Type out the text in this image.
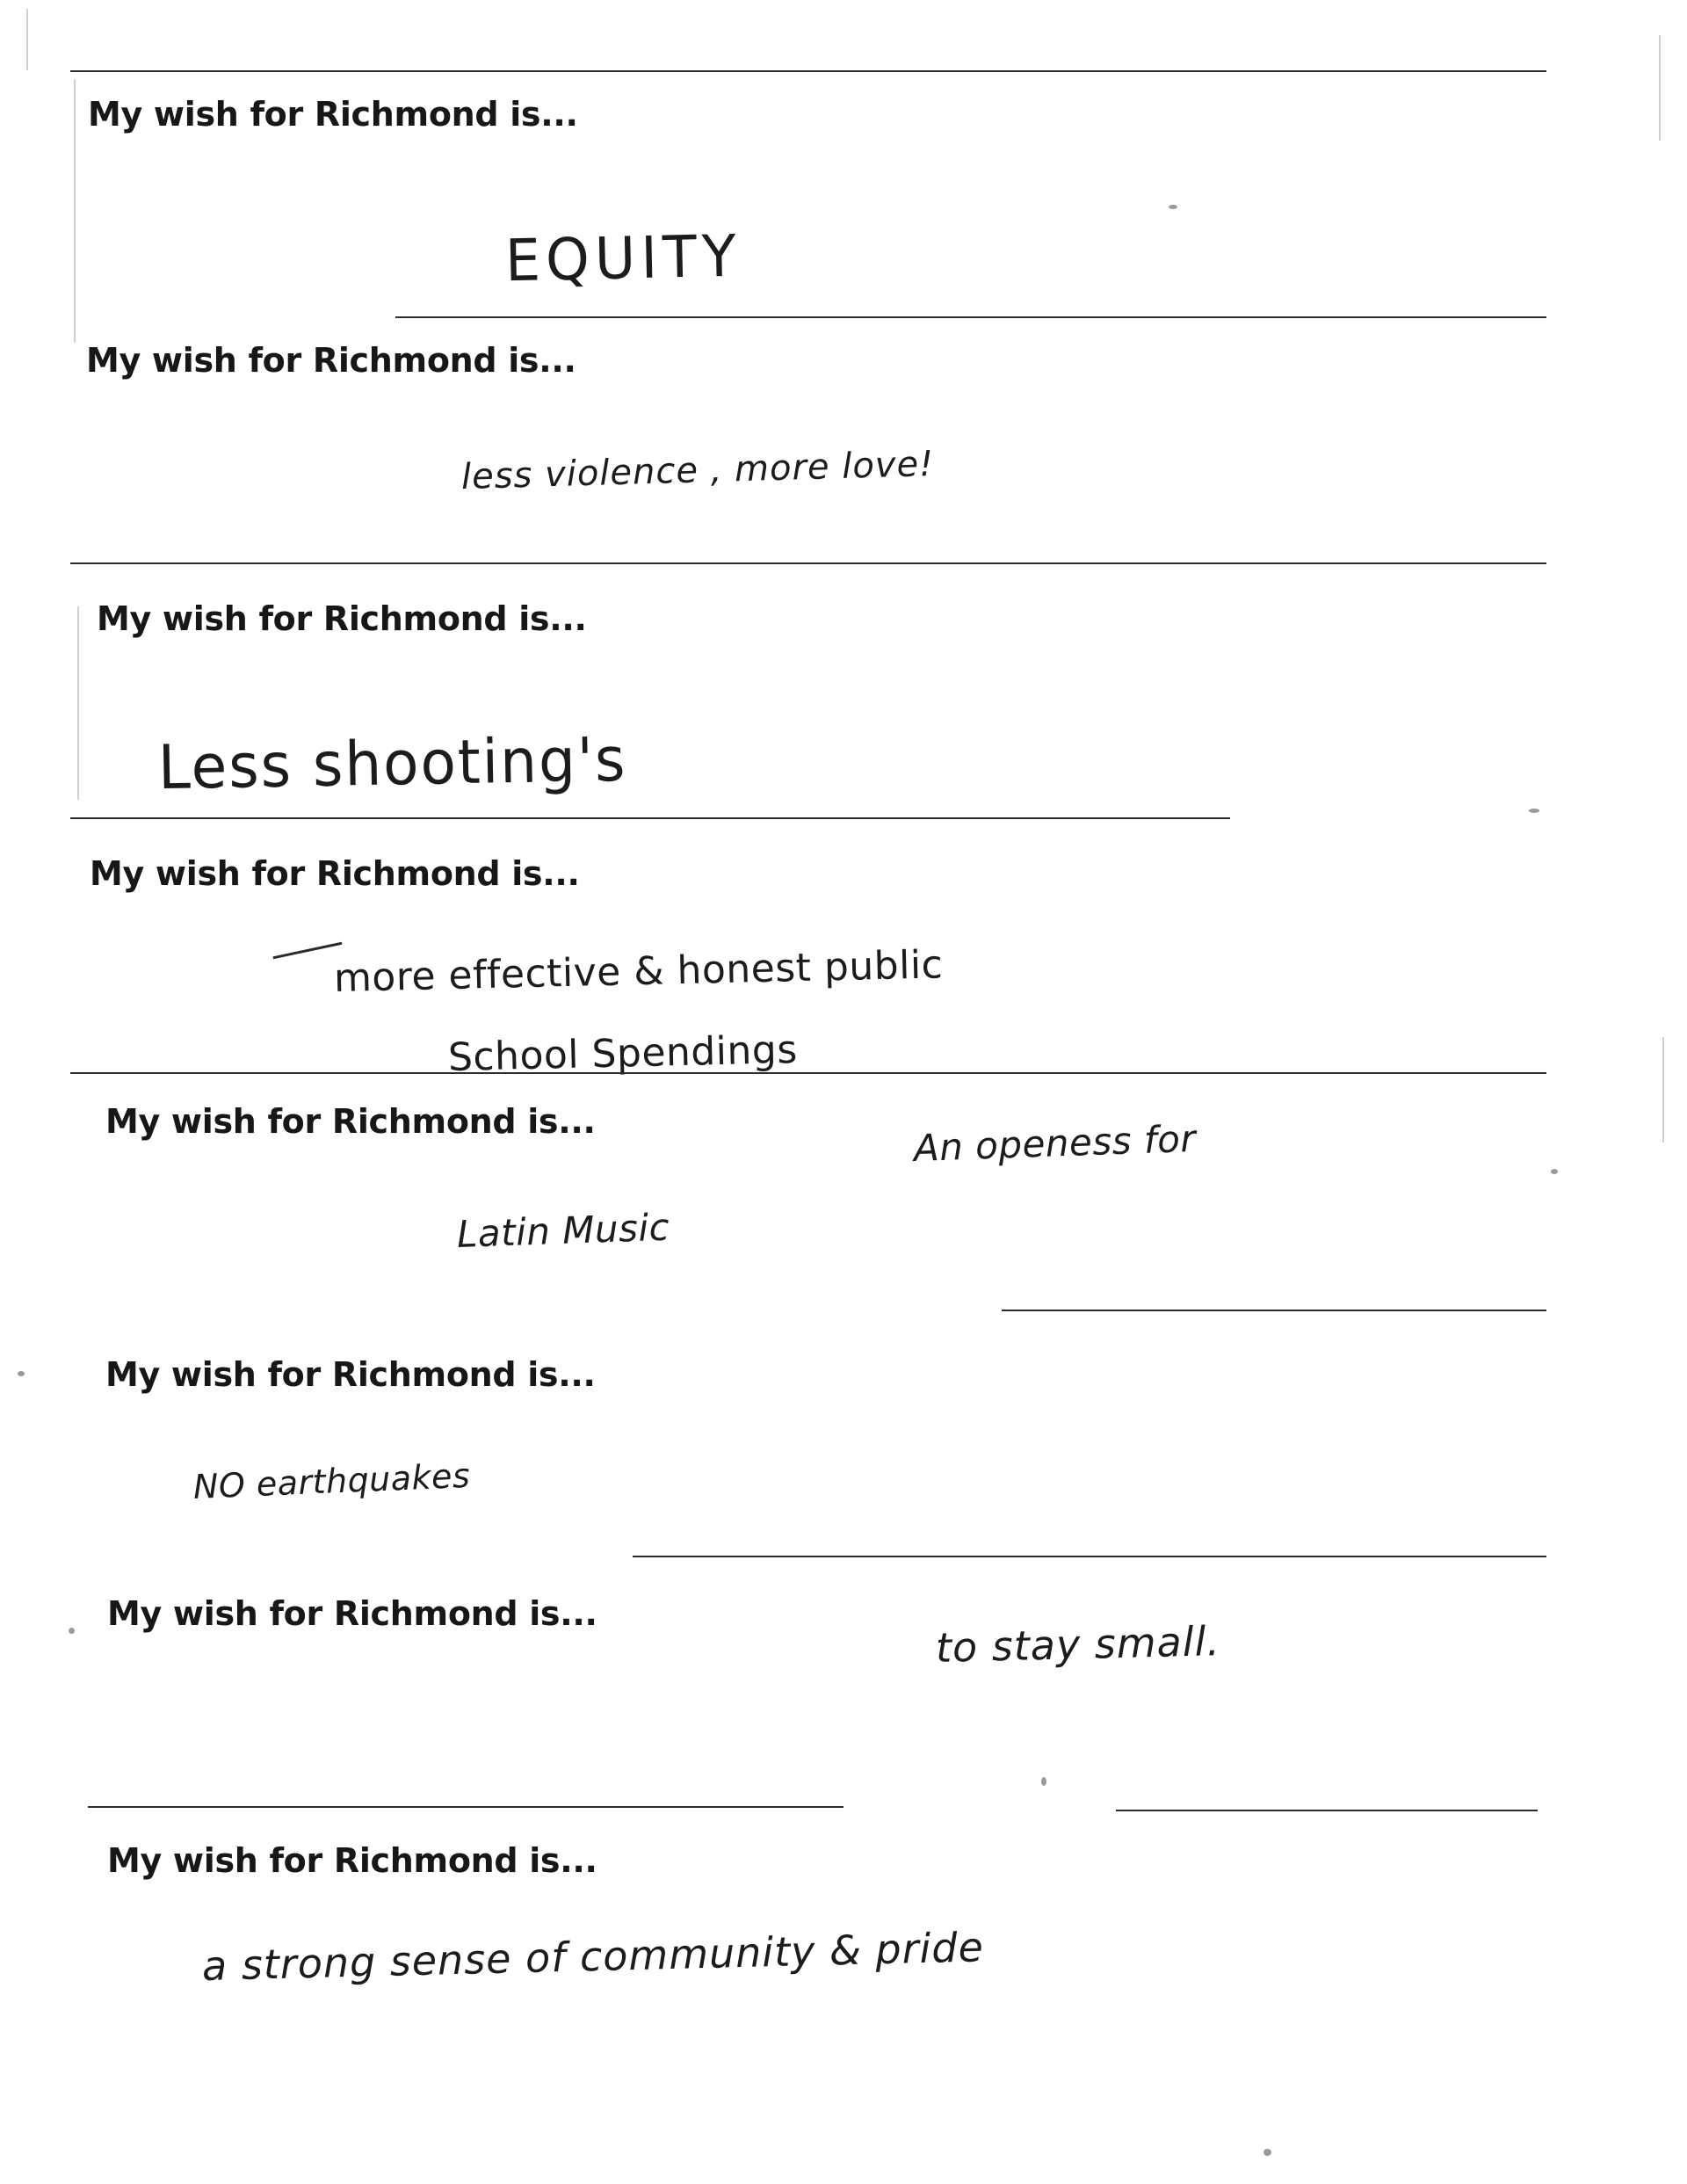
My wish for Richmond is...
EQUITY
My wish for Richmond is...
less violence , more love!
My wish for Richmond is...
Less shooting's
My wish for Richmond is...
more effective & honest public
School Spendings
My wish for Richmond is...	An openess for
Latin Music
My wish for Richmond is...
NO earthquakes
My wish for Richmond is...
to stay small.
My wish for Richmond is...
a strong sense of community & pride
